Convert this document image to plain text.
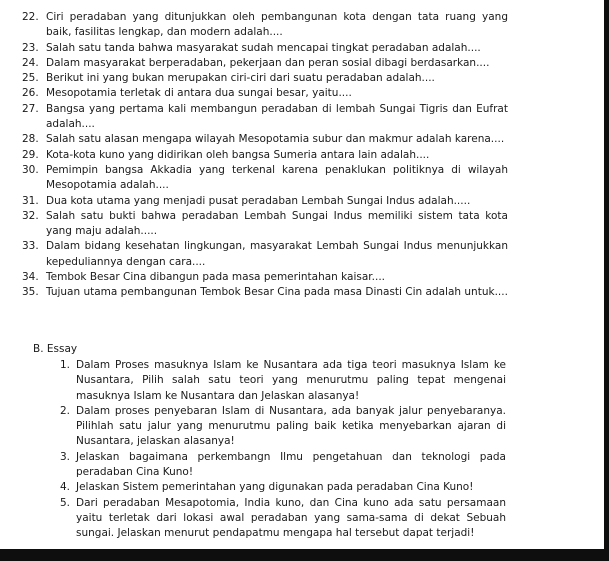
22. Ciri peradaban yang ditunjukkan oleh pembangunan kota dengan tata ruang yang baik, fasilitas lengkap, dan modern adalah....
23. Salah satu tanda bahwa masyarakat sudah mencapai tingkat peradaban adalah....
24. Dalam masyarakat berperadaban, pekerjaan dan peran sosial dibagi berdasarkan....
25. Berikut ini yang bukan merupakan ciri-ciri dari suatu peradaban adalah....
26. Mesopotamia terletak di antara dua sungai besar, yaitu....
27. Bangsa yang pertama kali membangun peradaban di lembah Sungai Tigris dan Eufrat adalah....
28. Salah satu alasan mengapa wilayah Mesopotamia subur dan makmur adalah karena....
29. Kota-kota kuno yang didirikan oleh bangsa Sumeria antara lain adalah....
30. Pemimpin bangsa Akkadia yang terkenal karena penaklukan politiknya di wilayah Mesopotamia adalah....
31. Dua kota utama yang menjadi pusat peradaban Lembah Sungai Indus adalah.....
32. Salah satu bukti bahwa peradaban Lembah Sungai Indus memiliki sistem tata kota yang maju adalah.....
33. Dalam bidang kesehatan lingkungan, masyarakat Lembah Sungai Indus menunjukkan kepeduliannya dengan cara....
34. Tembok Besar Cina dibangun pada masa pemerintahan kaisar....
35. Tujuan utama pembangunan Tembok Besar Cina pada masa Dinasti Cin adalah untuk....
B. Essay
1. Dalam Proses masuknya Islam ke Nusantara ada tiga teori masuknya Islam ke Nusantara, Pilih salah satu teori yang menurutmu paling tepat mengenai masuknya Islam ke Nusantara dan Jelaskan alasanya!
2. Dalam proses penyebaran Islam di Nusantara, ada banyak jalur penyebaranya. Pilihlah satu jalur yang menurutmu paling baik ketika menyebarkan ajaran di Nusantara, jelaskan alasanya!
3. Jelaskan bagaimana perkembangn Ilmu pengetahuan dan teknologi pada peradaban Cina Kuno!
4. Jelaskan Sistem pemerintahan yang digunakan pada peradaban Cina Kuno!
5. Dari peradaban Mesapotomia, India kuno, dan Cina kuno ada satu persamaan yaitu terletak dari lokasi awal peradaban yang sama-sama di dekat Sebuah sungai. Jelaskan menurut pendapatmu mengapa hal tersebut dapat terjadi!
